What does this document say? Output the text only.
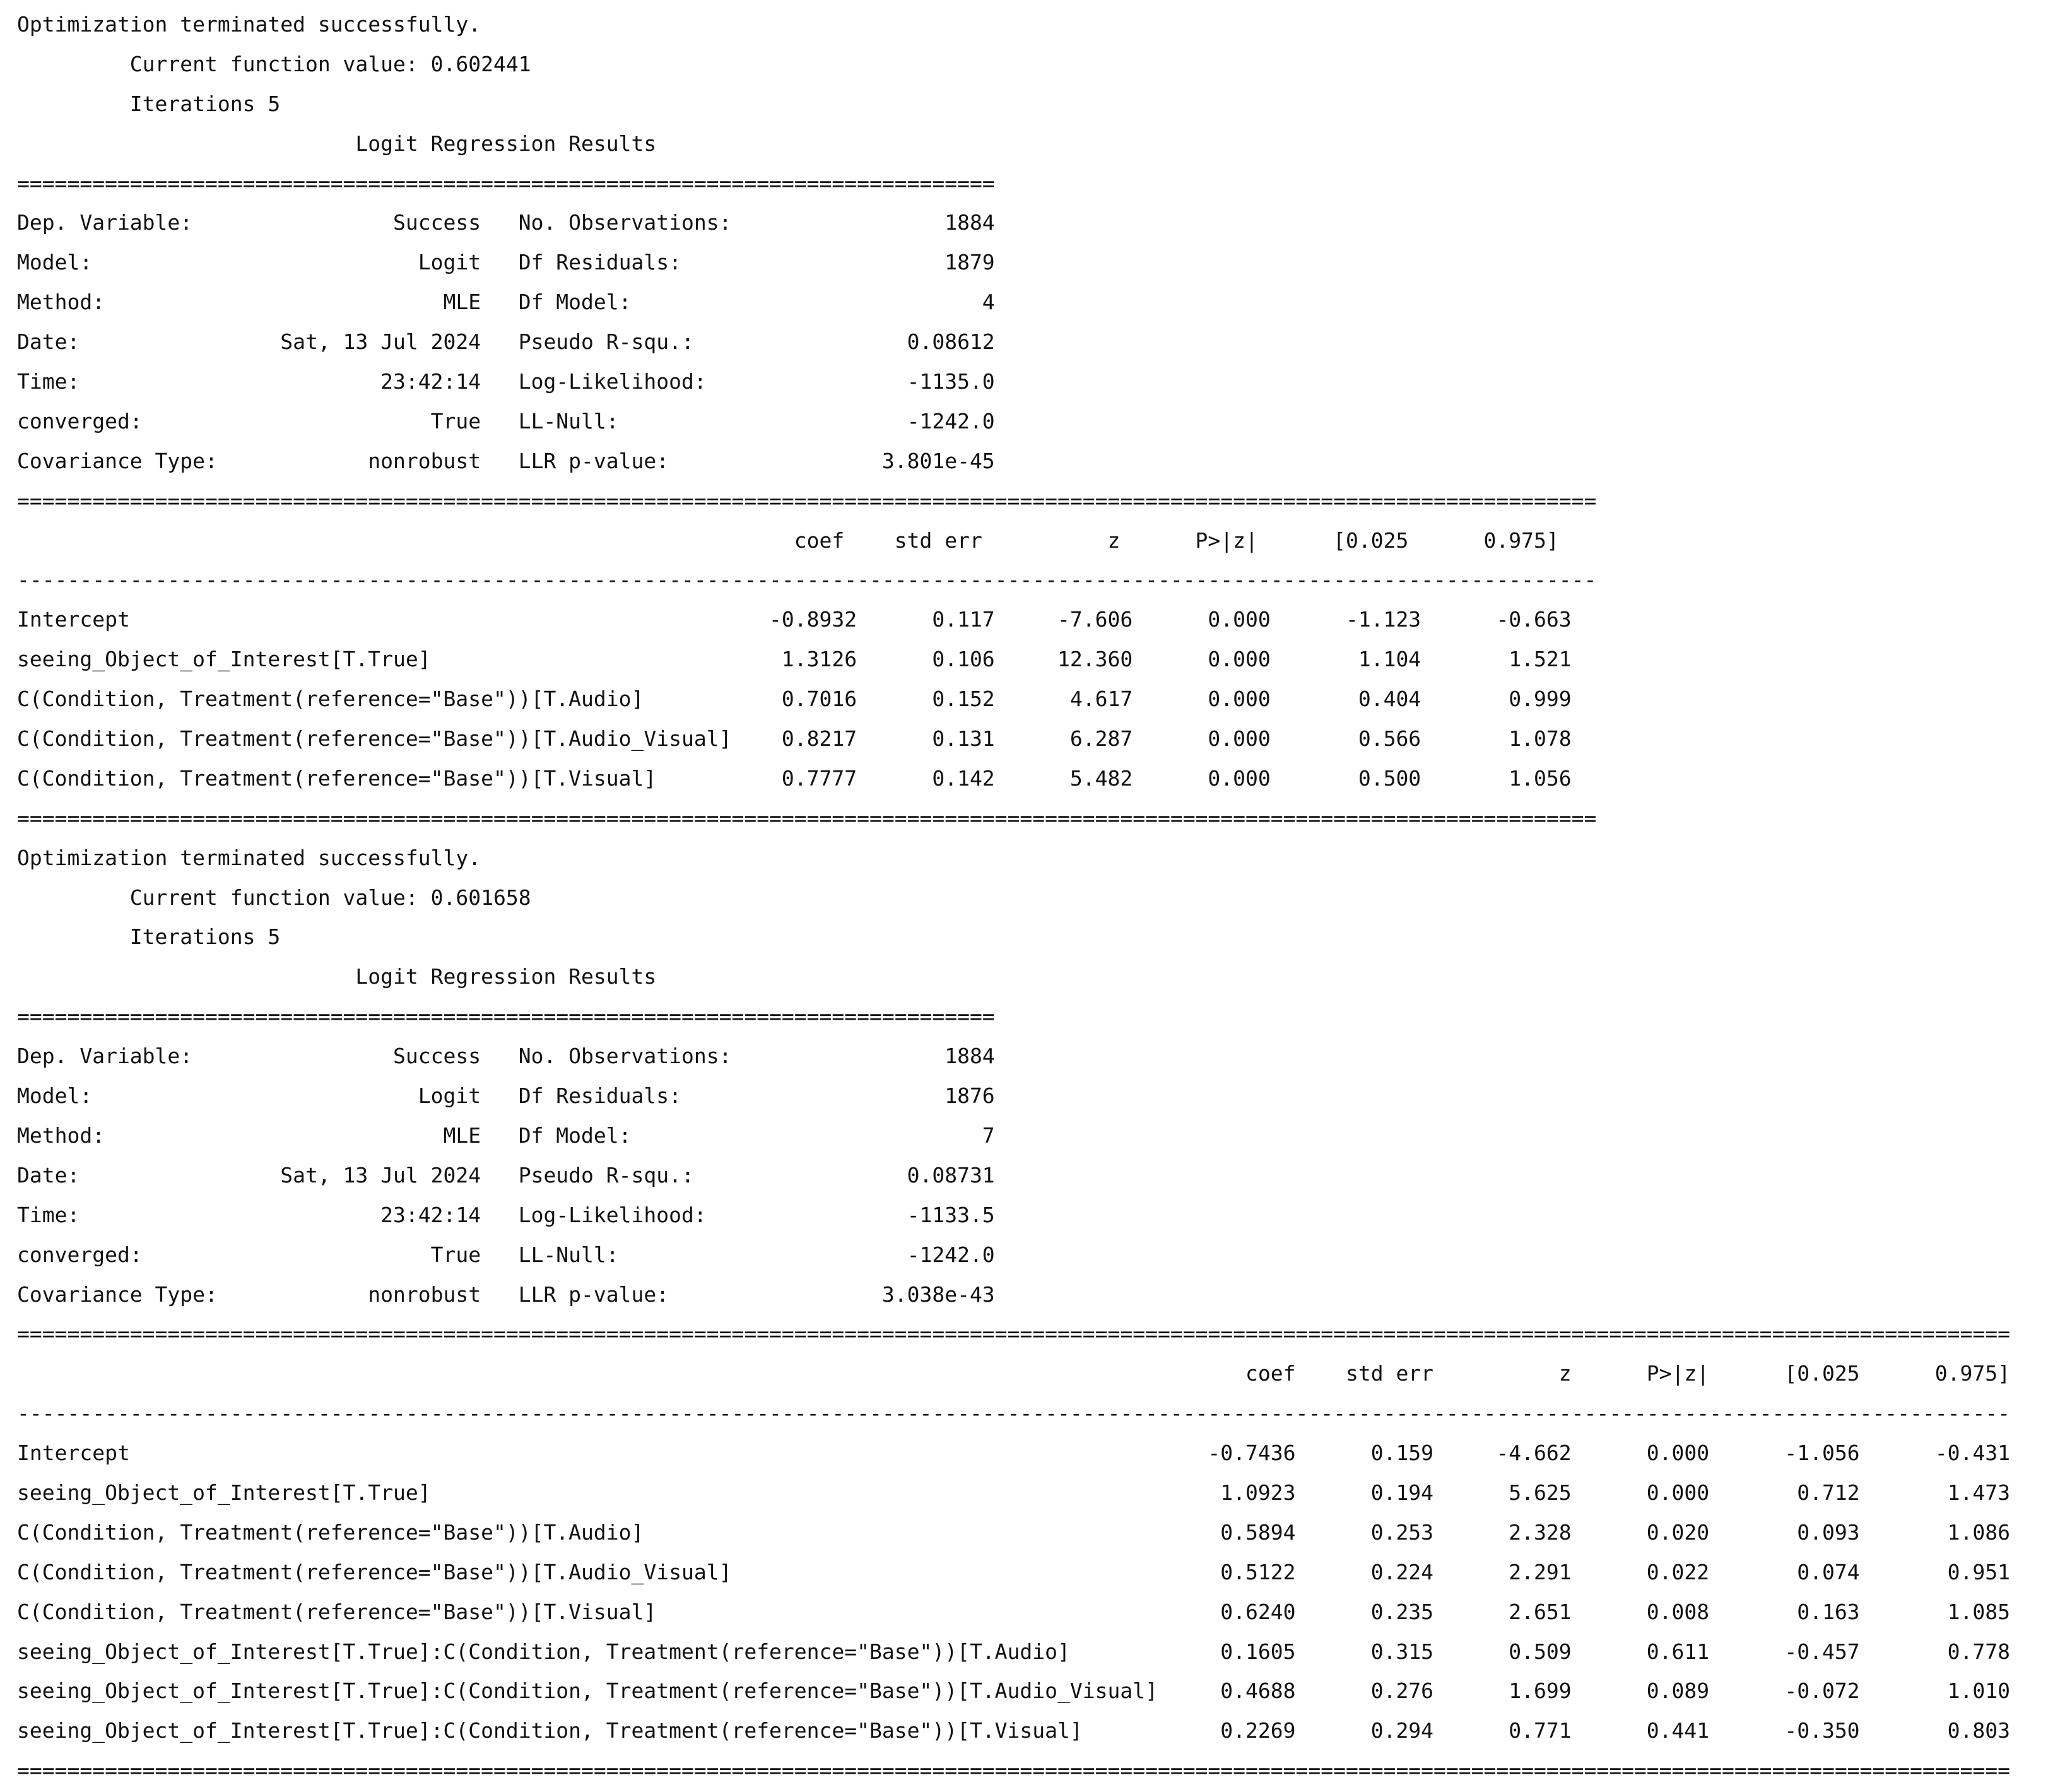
Optimization terminated successfully.
Current function value: 0.602441
Iterations 5
Logit Regression Results
==============================================================================
Dep. Variable:                Success   No. Observations:                 1884
Model:                          Logit   Df Residuals:                     1879
Method:                           MLE   Df Model:                            4
Date:                Sat, 13 Jul 2024   Pseudo R-squ.:                 0.08612
Time:                        23:42:14   Log-Likelihood:                -1135.0
converged:                       True   LL-Null:                       -1242.0
Covariance Type:            nonrobust   LLR p-value:                 3.801e-45
==============================================================================================================================
coef    std err          z      P>|z|      [0.025      0.975]
------------------------------------------------------------------------------------------------------------------------------
Intercept                                                   -0.8932      0.117     -7.606      0.000      -1.123      -0.663
seeing_Object_of_Interest[T.True]                            1.3126      0.106     12.360      0.000       1.104       1.521
C(Condition, Treatment(reference="Base"))[T.Audio]           0.7016      0.152      4.617      0.000       0.404       0.999
C(Condition, Treatment(reference="Base"))[T.Audio_Visual]    0.8217      0.131      6.287      0.000       0.566       1.078
C(Condition, Treatment(reference="Base"))[T.Visual]          0.7777      0.142      5.482      0.000       0.500       1.056
==============================================================================================================================
Optimization terminated successfully.
Current function value: 0.601658
Iterations 5
Logit Regression Results
==============================================================================
Dep. Variable:                Success   No. Observations:                 1884
Model:                          Logit   Df Residuals:                     1876
Method:                           MLE   Df Model:                            7
Date:                Sat, 13 Jul 2024   Pseudo R-squ.:                 0.08731
Time:                        23:42:14   Log-Likelihood:                -1133.5
converged:                       True   LL-Null:                       -1242.0
Covariance Type:            nonrobust   LLR p-value:                 3.038e-43
===============================================================================================================================================================
coef    std err          z      P>|z|      [0.025      0.975]
---------------------------------------------------------------------------------------------------------------------------------------------------------------
Intercept                                                                                      -0.7436      0.159     -4.662      0.000      -1.056      -0.431
seeing_Object_of_Interest[T.True]                                                               1.0923      0.194      5.625      0.000       0.712       1.473
C(Condition, Treatment(reference="Base"))[T.Audio]                                              0.5894      0.253      2.328      0.020       0.093       1.086
C(Condition, Treatment(reference="Base"))[T.Audio_Visual]                                       0.5122      0.224      2.291      0.022       0.074       0.951
C(Condition, Treatment(reference="Base"))[T.Visual]                                             0.6240      0.235      2.651      0.008       0.163       1.085
seeing_Object_of_Interest[T.True]:C(Condition, Treatment(reference="Base"))[T.Audio]            0.1605      0.315      0.509      0.611      -0.457       0.778
seeing_Object_of_Interest[T.True]:C(Condition, Treatment(reference="Base"))[T.Audio_Visual]     0.4688      0.276      1.699      0.089      -0.072       1.010
seeing_Object_of_Interest[T.True]:C(Condition, Treatment(reference="Base"))[T.Visual]           0.2269      0.294      0.771      0.441      -0.350       0.803
===============================================================================================================================================================
